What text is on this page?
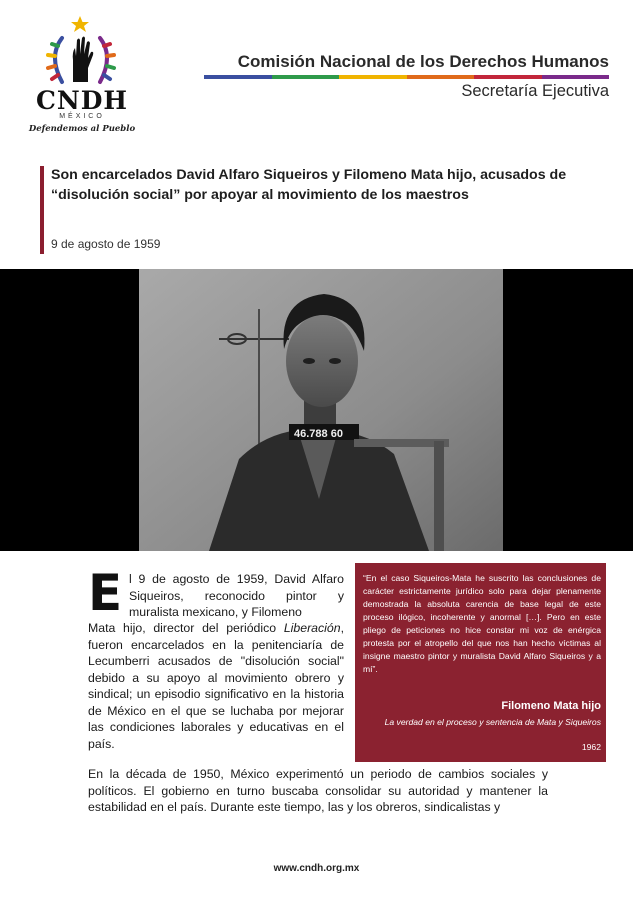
CNDH
MÉXICO
Defendemos al Pueblo
Comisión Nacional de los Derechos Humanos
Secretaría Ejecutiva
Son encarcelados David Alfaro Siqueiros y Filomeno Mata hijo, acusados de “disolución social” por apoyar al movimiento de los maestros
9 de agosto de 1959
46.788 60
E l 9 de agosto de 1959, David Alfaro Siqueiros, reconocido pintor y muralista mexicano, y Filomeno
Mata hijo, director del periódico Liberación, fueron encarcelados en la penitenciaría de Lecumberri acusados de "disolución social" debido a su apoyo al movimiento obrero y sindical; un episodio significativo en la historia de México en el que se luchaba por mejorar las condiciones laborales y educativas en el país.
En la década de 1950, México experimentó un periodo de cambios sociales y políticos. El gobierno en turno buscaba consolidar su autoridad y mantener la estabilidad en el país. Durante este tiempo, las y los obreros, sindicalistas y
“En el caso Siqueiros-Mata he suscrito las conclusiones de carácter estrictamente jurídico solo para dejar plenamente demostrada la absoluta carencia de base legal de este proceso ilógico, incoherente y anormal […]. Pero en este pliego de peticiones no hice constar mi voz de enérgica protesta por el atropello del que nos han hecho víctimas al insigne maestro pintor y muralista David Alfaro Siqueiros y a mí”.
Filomeno Mata hijo
La verdad en el proceso y sentencia de Mata y Siqueiros
1962
www.cndh.org.mx
